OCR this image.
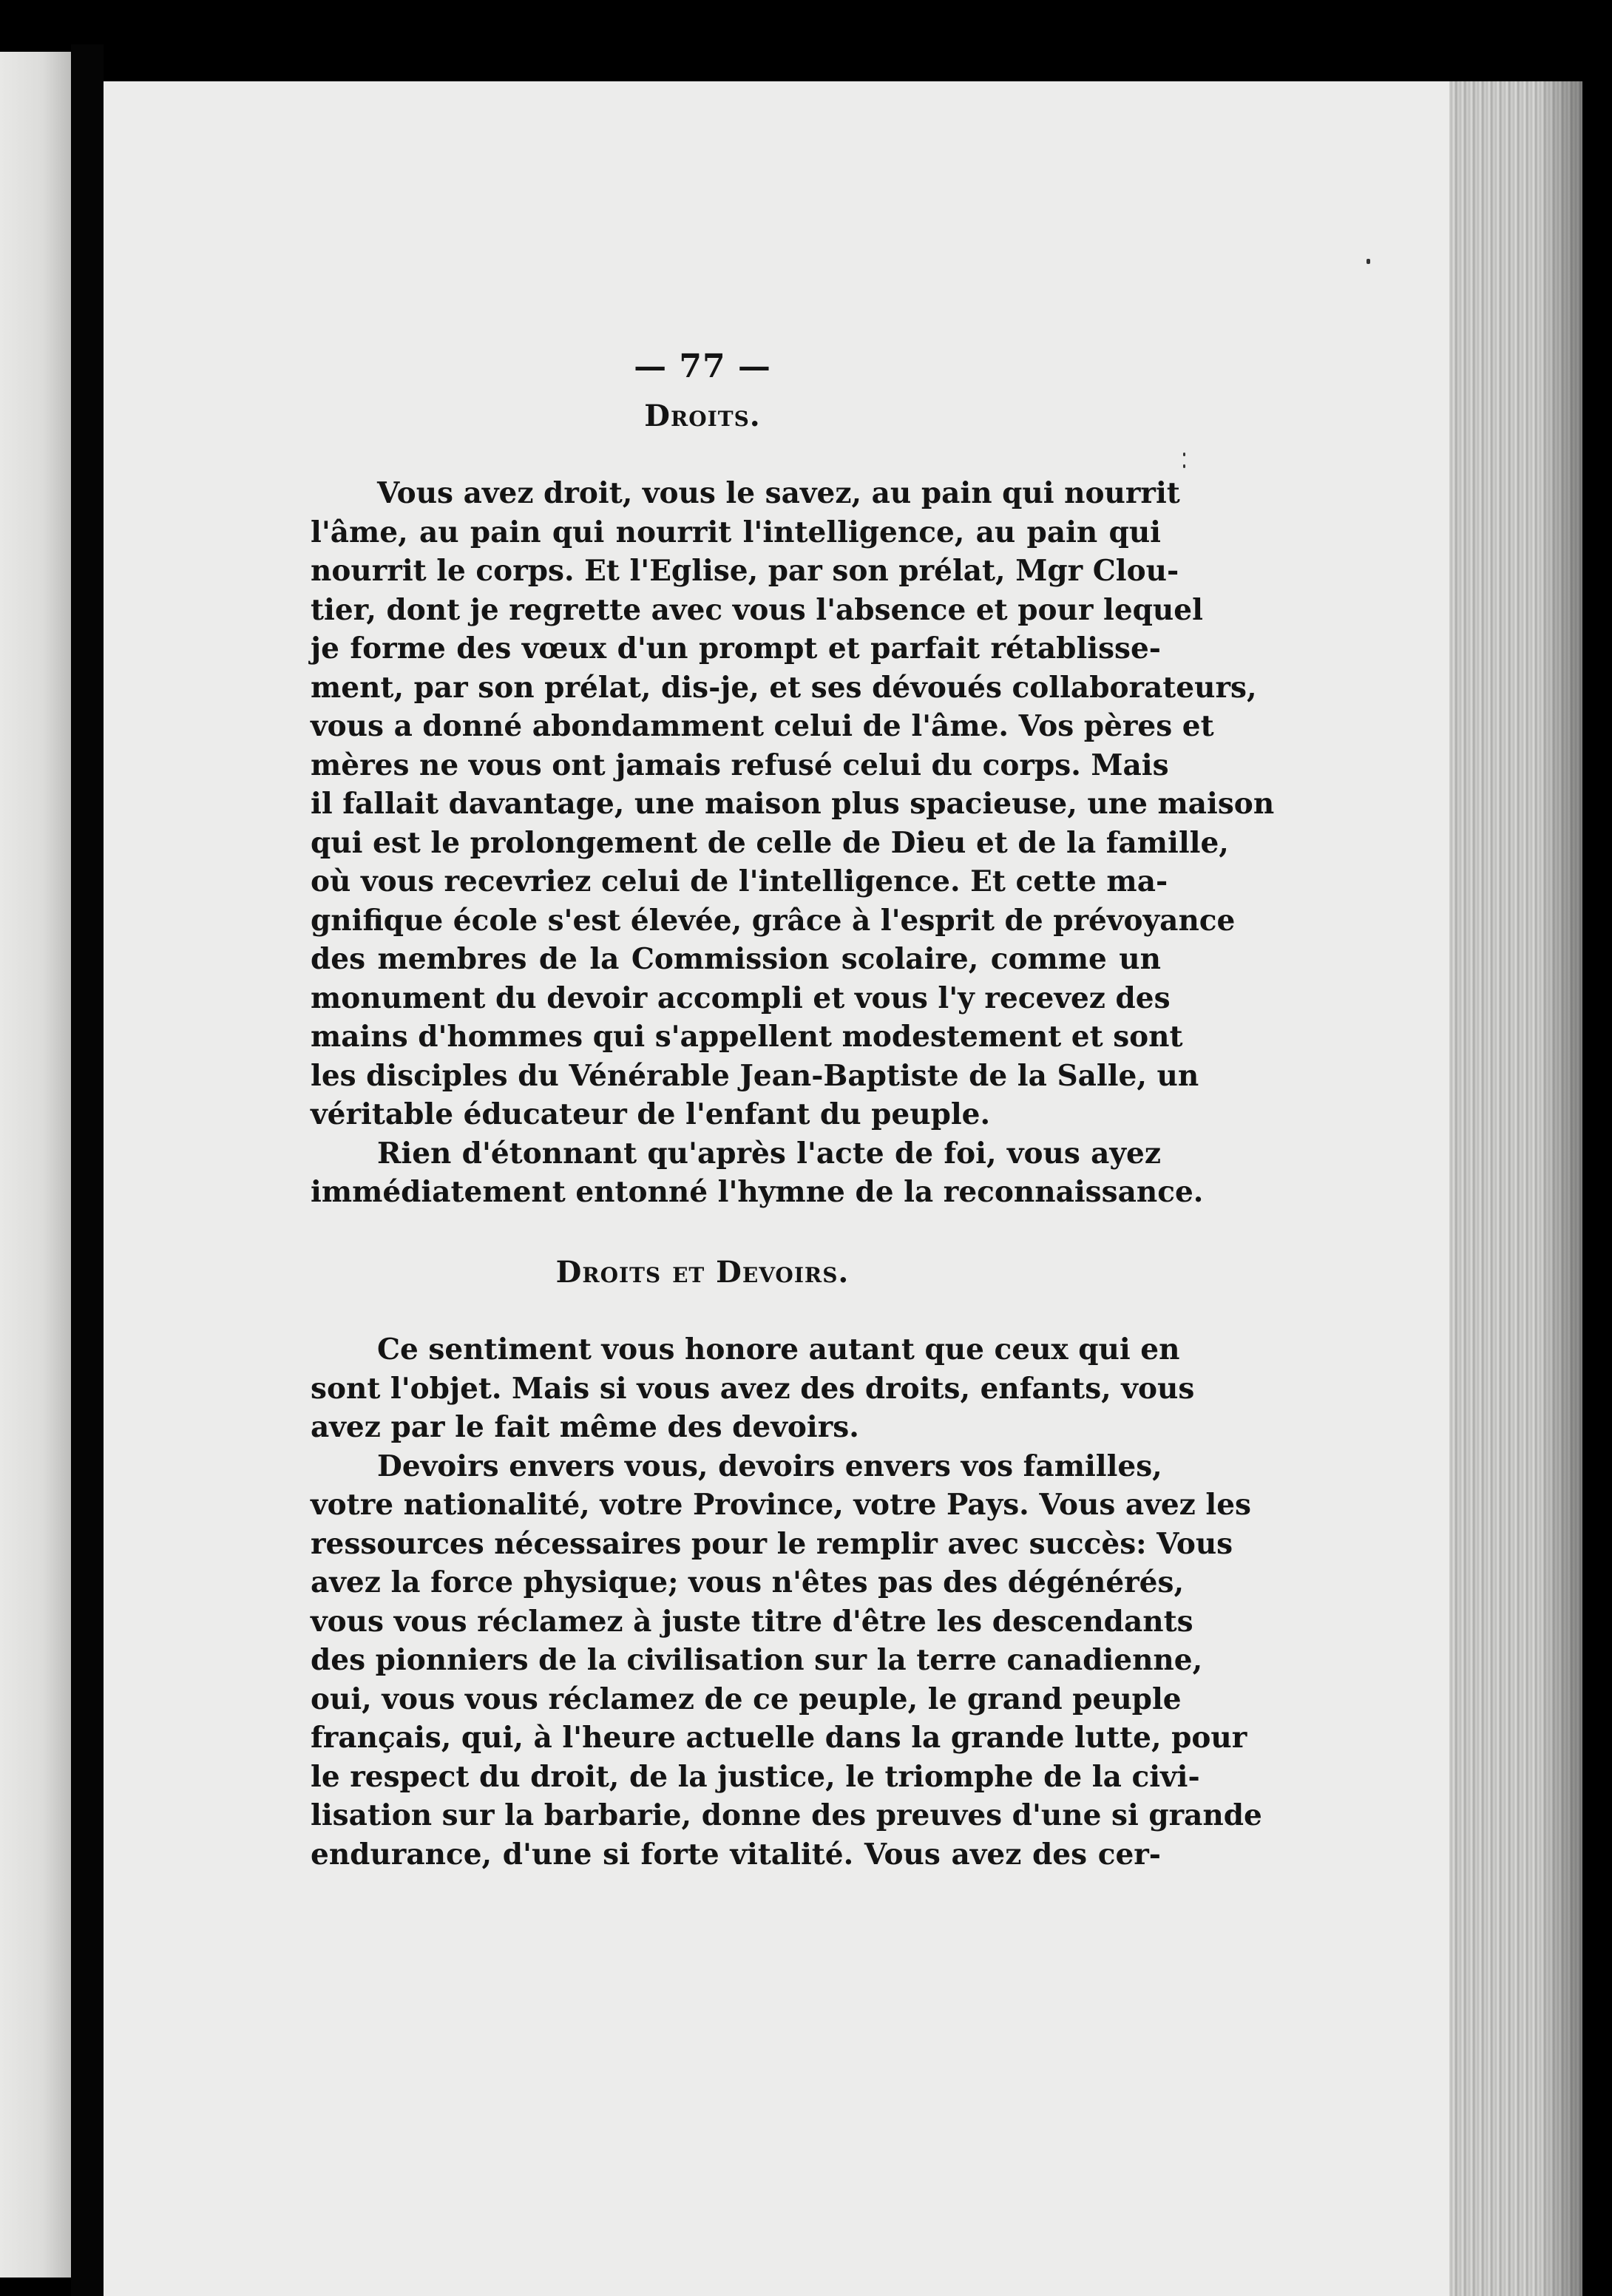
— 77 —
Droits.
Vous avez droit, vous le savez, au pain qui nourrit
l'âme, au pain qui nourrit l'intelligence, au pain qui
nourrit le corps. Et l'Eglise, par son prélat, Mgr Clou-
tier, dont je regrette avec vous l'absence et pour lequel
je forme des vœux d'un prompt et parfait rétablisse-
ment, par son prélat, dis-je, et ses dévoués collaborateurs,
vous a donné abondamment celui de l'âme. Vos pères et
mères ne vous ont jamais refusé celui du corps. Mais
il fallait davantage, une maison plus spacieuse, une maison
qui est le prolongement de celle de Dieu et de la famille,
où vous recevriez celui de l'intelligence. Et cette ma-
gnifique école s'est élevée, grâce à l'esprit de prévoyance
des membres de la Commission scolaire, comme un
monument du devoir accompli et vous l'y recevez des
mains d'hommes qui s'appellent modestement et sont
les disciples du Vénérable Jean-Baptiste de la Salle, un
véritable éducateur de l'enfant du peuple.
Rien d'étonnant qu'après l'acte de foi, vous ayez
immédiatement entonné l'hymne de la reconnaissance.
Droits et Devoirs.
Ce sentiment vous honore autant que ceux qui en
sont l'objet. Mais si vous avez des droits, enfants, vous
avez par le fait même des devoirs.
Devoirs envers vous, devoirs envers vos familles,
votre nationalité, votre Province, votre Pays. Vous avez les
ressources nécessaires pour le remplir avec succès: Vous
avez la force physique; vous n'êtes pas des dégénérés,
vous vous réclamez à juste titre d'être les descendants
des pionniers de la civilisation sur la terre canadienne,
oui, vous vous réclamez de ce peuple, le grand peuple
français, qui, à l'heure actuelle dans la grande lutte, pour
le respect du droit, de la justice, le triomphe de la civi-
lisation sur la barbarie, donne des preuves d'une si grande
endurance, d'une si forte vitalité. Vous avez des cer-
